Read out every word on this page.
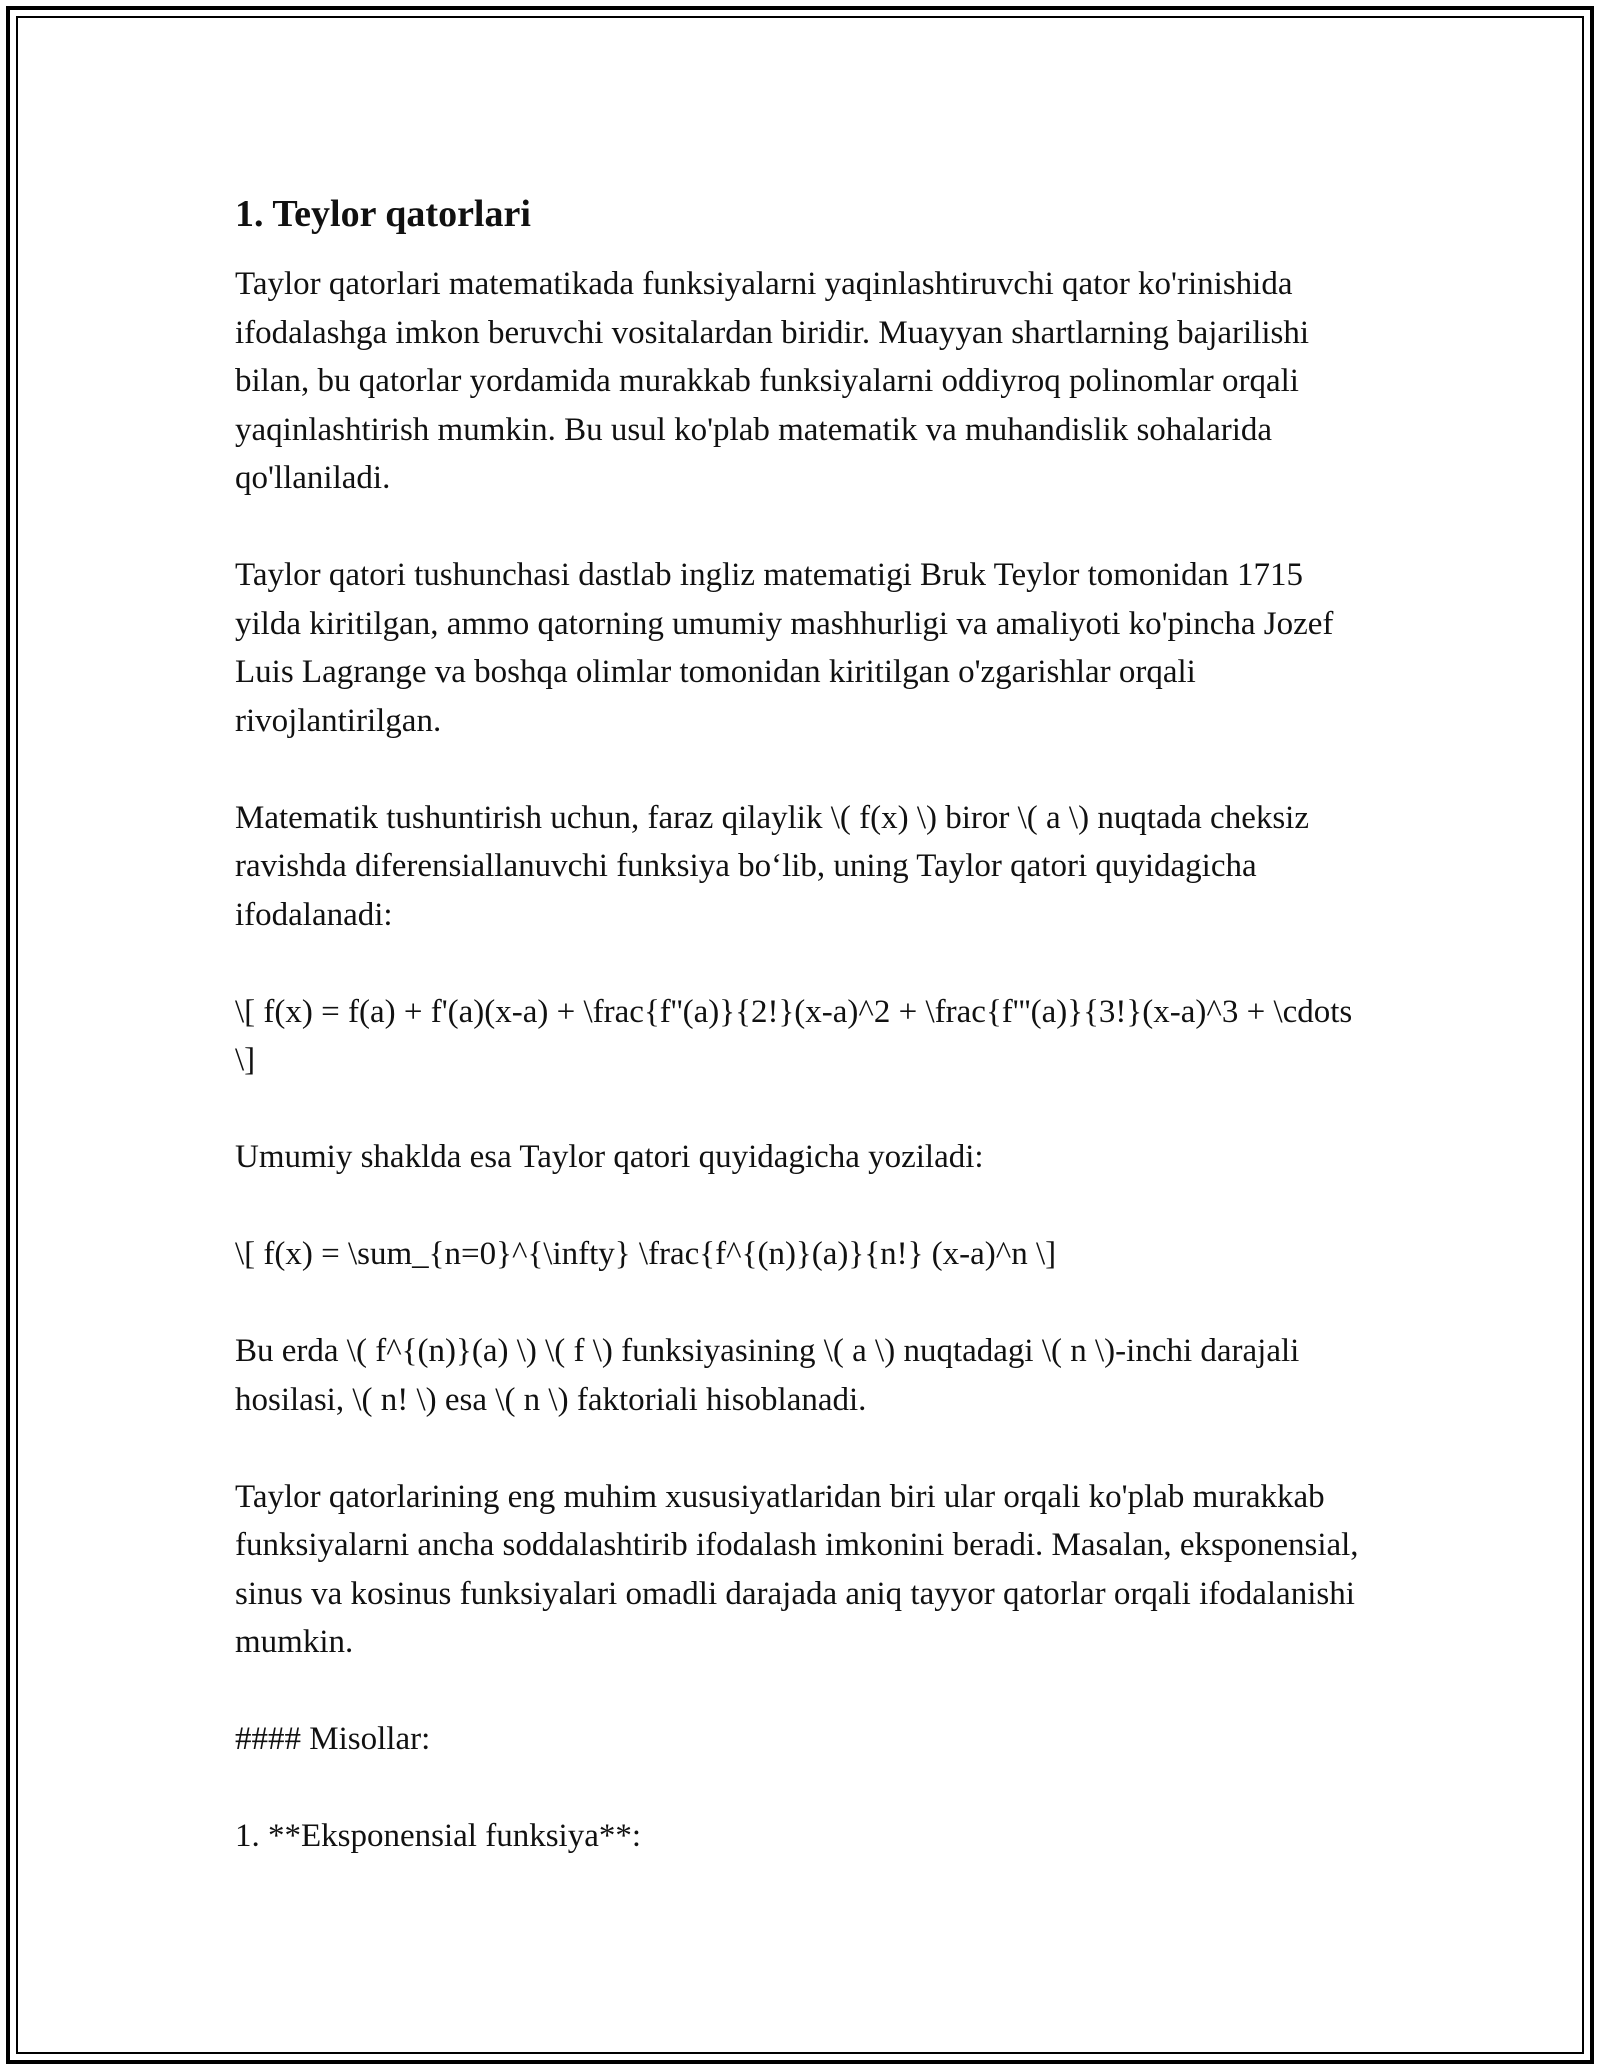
1. Teylor qatorlari

Taylor qatorlari matematikada funksiyalarni yaqinlashtiruvchi qator ko'rinishida ifodalashga imkon beruvchi vositalardan biridir. Muayyan shartlarning bajarilishi bilan, bu qatorlar yordamida murakkab funksiyalarni oddiyroq polinomlar orqali yaqinlashtirish mumkin. Bu usul ko'plab matematik va muhandislik sohalarida qo'llaniladi.

Taylor qatori tushunchasi dastlab ingliz matematigi Bruk Teylor tomonidan 1715 yilda kiritilgan, ammo qatorning umumiy mashhurligi va amaliyoti ko'pincha Jozef Luis Lagrange va boshqa olimlar tomonidan kiritilgan o'zgarishlar orqali rivojlantirilgan.

Matematik tushuntirish uchun, faraz qilaylik \( f(x) \) biror \( a \) nuqtada cheksiz ravishda diferensiallanuvchi funksiya bo‘lib, uning Taylor qatori quyidagicha ifodalanadi:

\[ f(x) = f(a) + f'(a)(x-a) + \frac{f''(a)}{2!}(x-a)^2 + \frac{f'''(a)}{3!}(x-a)^3 + \cdots \]

Umumiy shaklda esa Taylor qatori quyidagicha yoziladi:

\[ f(x) = \sum_{n=0}^{\infty} \frac{f^{(n)}(a)}{n!} (x-a)^n \]

Bu erda \( f^{(n)}(a) \) \( f \) funksiyasining \( a \) nuqtadagi \( n \)-inchi darajali hosilasi, \( n! \) esa \( n \) faktoriali hisoblanadi.

Taylor qatorlarining eng muhim xususiyatlaridan biri ular orqali ko'plab murakkab funksiyalarni ancha soddalashtirib ifodalash imkonini beradi. Masalan, eksponensial, sinus va kosinus funksiyalari omadli darajada aniq tayyor qatorlar orqali ifodalanishi mumkin.

#### Misollar:

1. **Eksponensial funksiya**:
